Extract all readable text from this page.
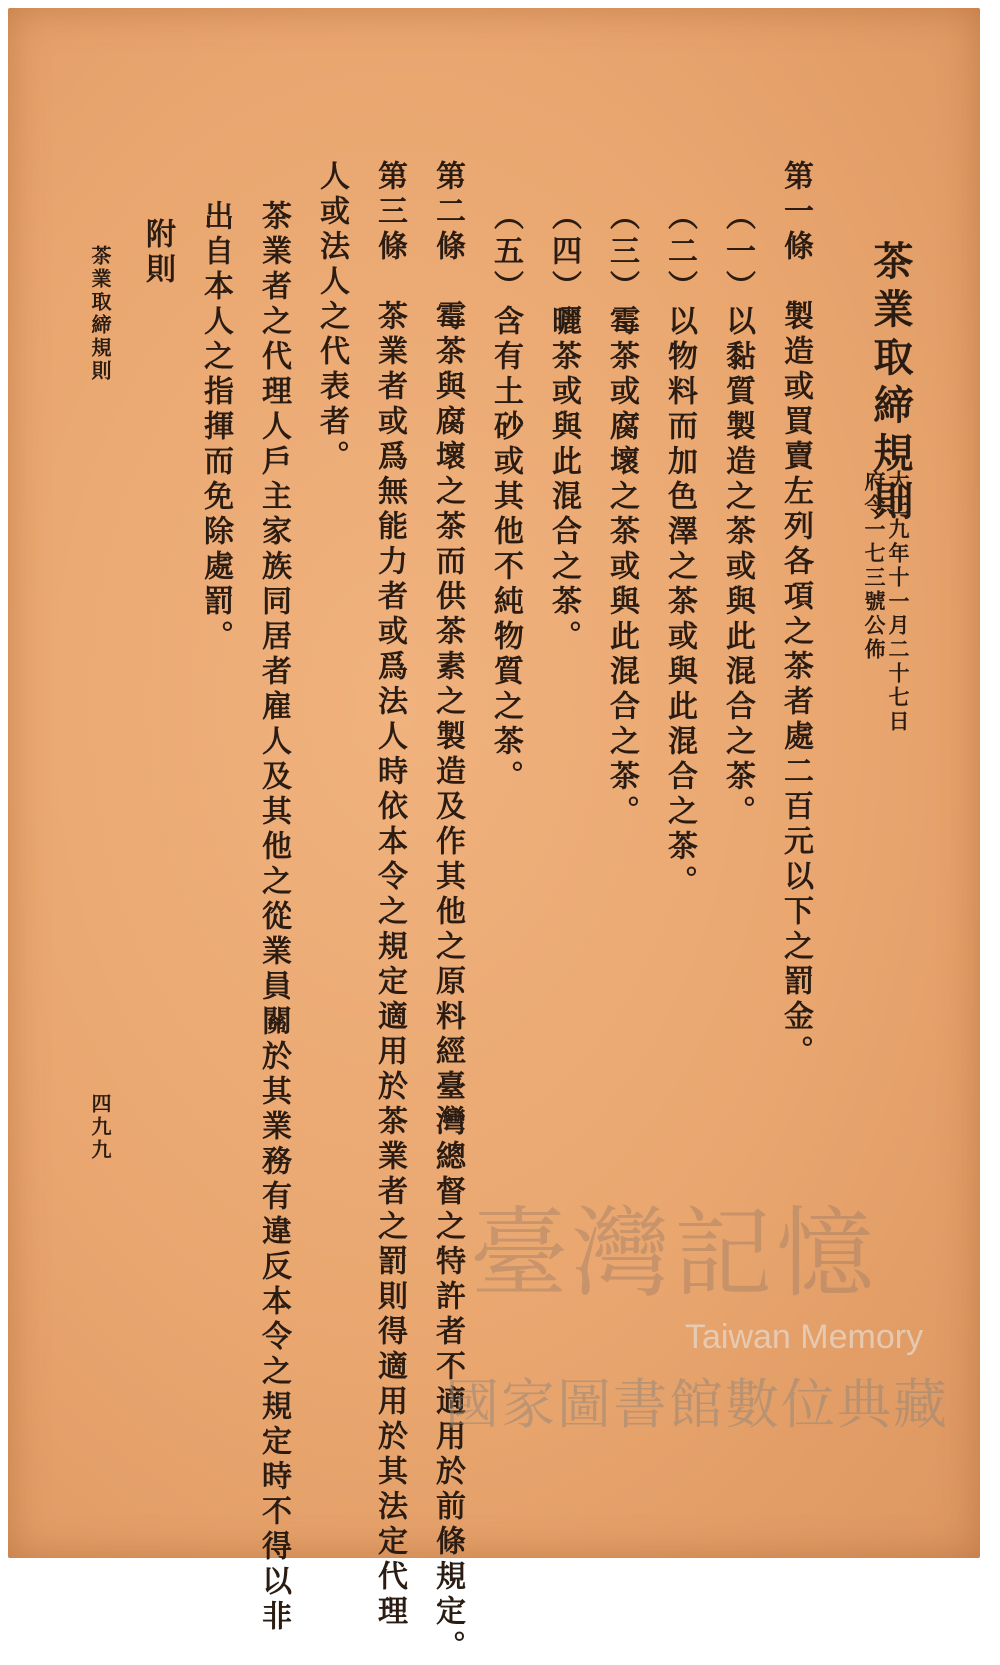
茶業取締規則
大正九年十一月二十七日
府令一七三號公佈
第一條　製造或買賣左列各項之茶者處二百元以下之罰金。
（一）以黏質製造之茶或與此混合之茶。
（二）以物料而加色澤之茶或與此混合之茶。
（三）霉茶或腐壞之茶或與此混合之茶。
（四）曬茶或與此混合之茶。
（五）含有土砂或其他不純物質之茶。
第二條　霉茶與腐壞之茶而供茶素之製造及作其他之原料經臺灣總督之特許者不適用於前條規定。
第三條　茶業者或爲無能力者或爲法人時依本令之規定適用於茶業者之罰則得適用於其法定代理
人或法人之代表者。
茶業者之代理人戶主家族同居者雇人及其他之從業員關於其業務有違反本令之規定時不得以非
出自本人之指揮而免除處罰。
附則
茶業取締規則
四九九
臺灣記憶
Taiwan Memory
國家圖書館數位典藏
